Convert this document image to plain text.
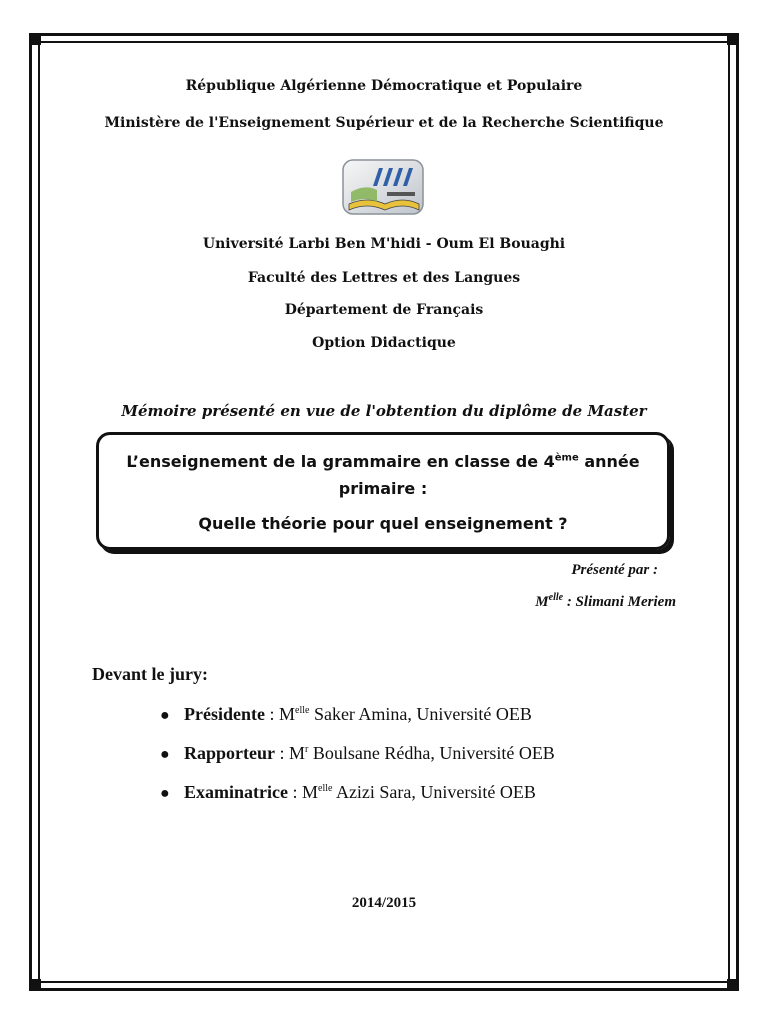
République Algérienne Démocratique et Populaire
Ministère de l'Enseignement Supérieur et de la Recherche Scientifique
Université Larbi Ben M'hidi - Oum El Bouaghi
Faculté des Lettres et des Langues
Département de Français
Option Didactique
Mémoire présenté en vue de l'obtention du diplôme de Master
L’enseignement de la grammaire en classe de 4ème année
primaire :
Quelle théorie pour quel enseignement ?
Présenté par :
$M^{elle}$ : Slimani Meriem
Devant le jury:
● Présidente : $M^{elle}$ Saker Amina, Université OEB
● Rapporteur : $M^r$ Boulsane Rédha, Université OEB
● Examinatrice : $M^{elle}$ Azizi Sara, Université OEB
2014/2015
